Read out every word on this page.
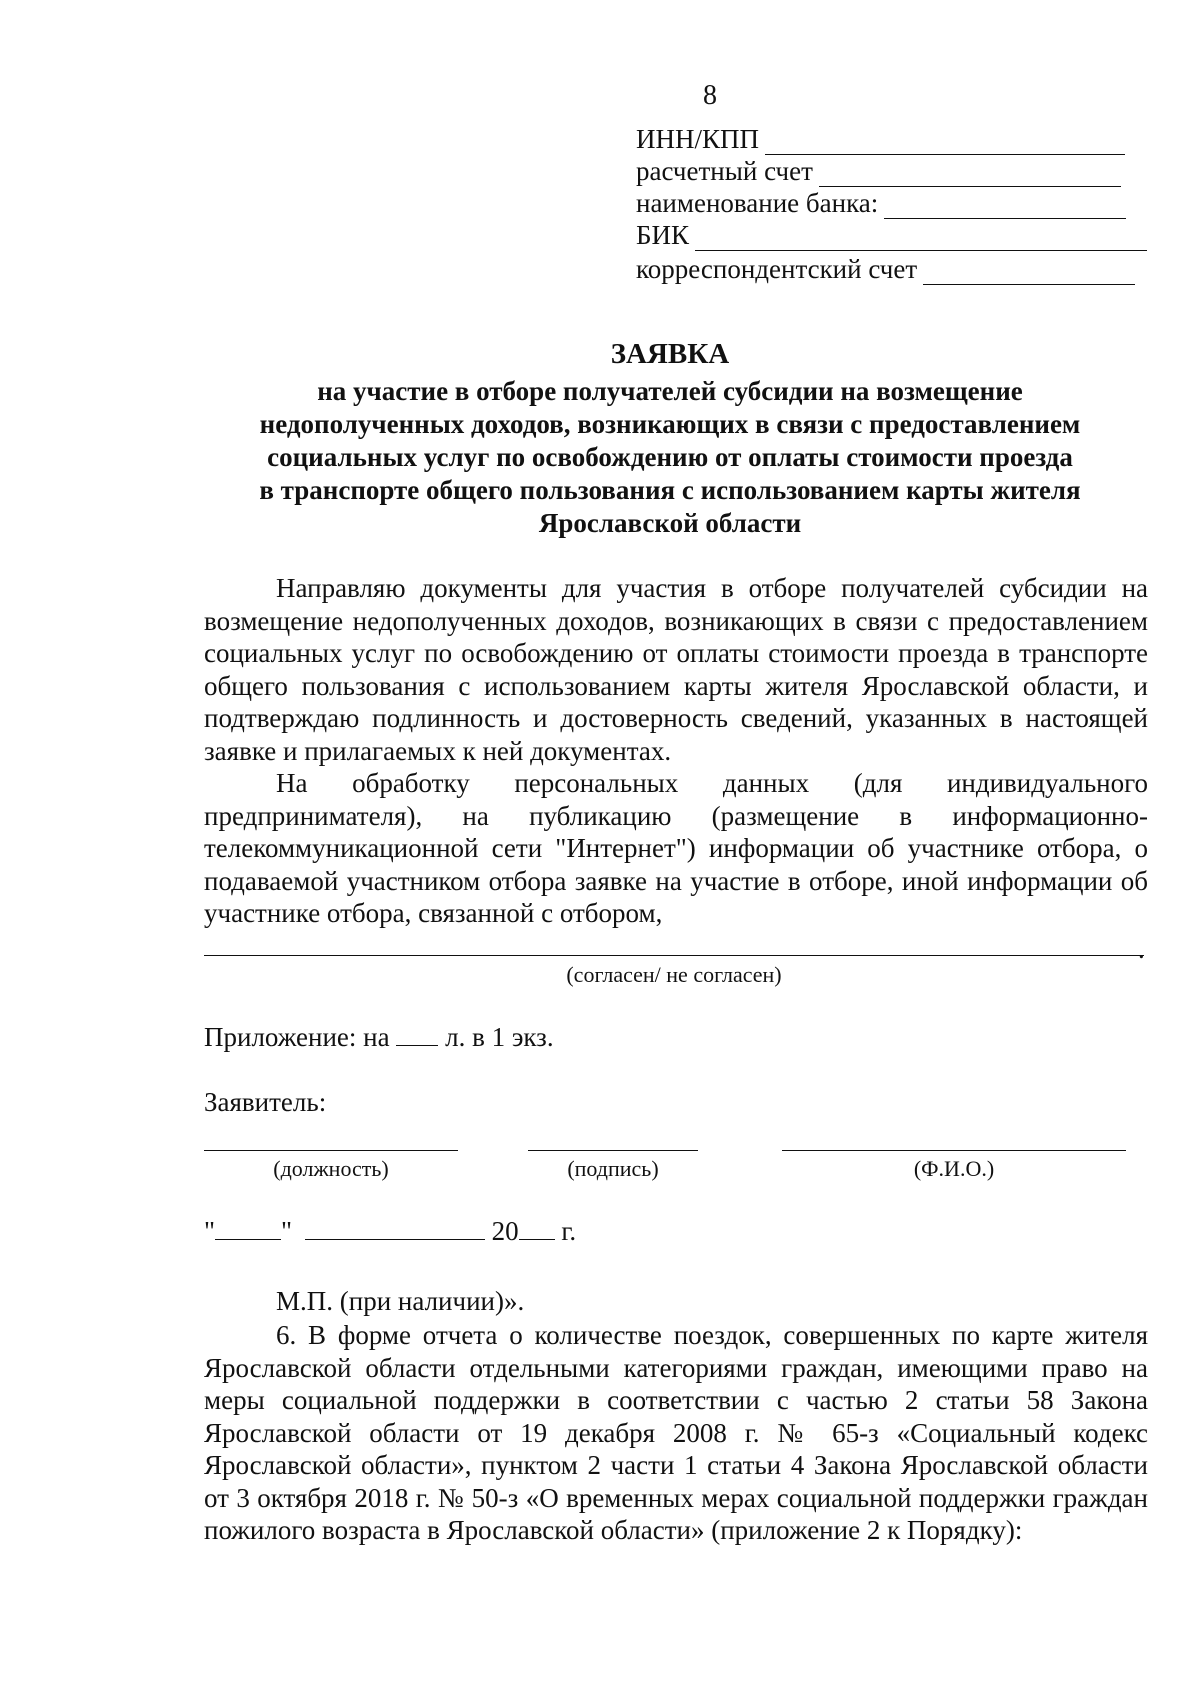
8
ИНН/КПП
расчетный счет
наименование банка:
БИК
корреспондентский счет
ЗАЯВКА
на участие в отборе получателей субсидии на возмещение
недополученных доходов, возникающих в связи с предоставлением
социальных услуг по освобождению от оплаты стоимости проезда
в транспорте общего пользования с использованием карты жителя
Ярославской области
Направляю документы для участия в отборе получателей субсидии на возмещение недополученных доходов, возникающих в связи с предоставлением социальных услуг по освобождению от оплаты стоимости проезда в транспорте общего пользования с использованием карты жителя Ярославской области, и подтверждаю подлинность и достоверность сведений, указанных в настоящей заявке и прилагаемых к ней документах.
На обработку персональных данных (для индивидуального предпринимателя), на публикацию (размещение в информационно-телекоммуникационной сети "Интернет") информации об участнике отбора, о подаваемой участником отбора заявке на участие в отборе, иной информации об участнике отбора, связанной с отбором,
.
(согласен/ не согласен)
Приложение: на л. в 1 экз.
Заявитель:
(должность)	(подпись)	(Ф.И.О.)
" "	20 г.
М.П. (при наличии)».
6. В форме отчета о количестве поездок, совершенных по карте жителя Ярославской области отдельными категориями граждан, имеющими право на меры социальной поддержки в соответствии с частью 2 статьи 58 Закона Ярославской области от 19 декабря 2008 г. № 65-з «Социальный кодекс Ярославской области», пунктом 2 части 1 статьи 4 Закона Ярославской области от 3 октября 2018 г. № 50-з «О временных мерах социальной поддержки граждан пожилого возраста в Ярославской области» (приложение 2 к Порядку):
